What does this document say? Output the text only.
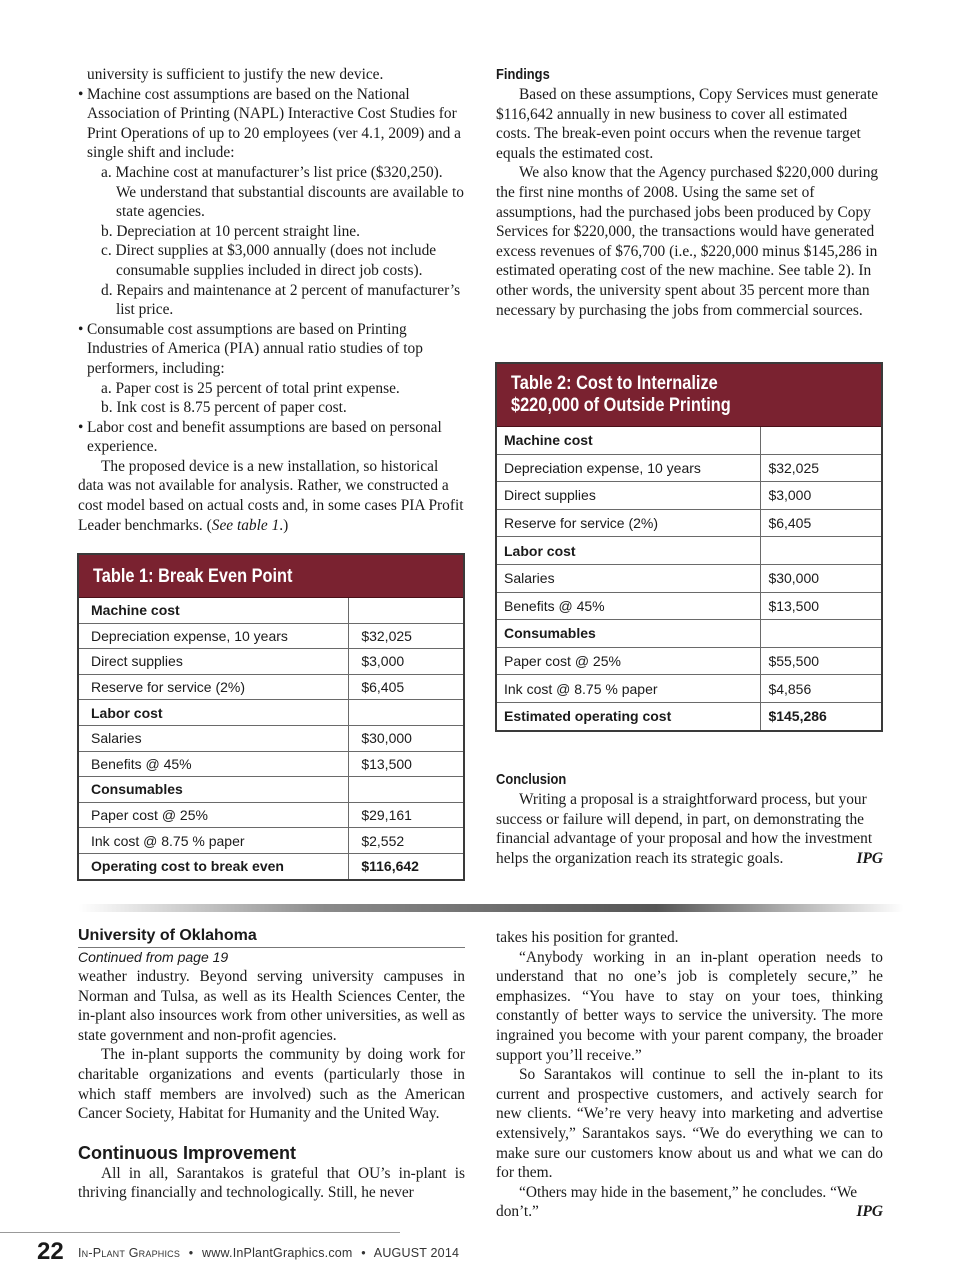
university is sufficient to justify the new device.

• Machine cost assumptions are based on the National Association of Printing (NAPL) Interactive Cost Studies for Print Operations of up to 20 employees (ver 4.1, 2009) and a single shift and include:

a. Machine cost at manufacturer’s list price ($320,250). We understand that substantial discounts are available to state agencies.

b. Depreciation at 10 percent straight line.

c. Direct supplies at $3,000 annually (does not include consumable supplies included in direct job costs).

d. Repairs and maintenance at 2 percent of manufacturer’s list price.

• Consumable cost assumptions are based on Printing Industries of America (PIA) annual ratio studies of top performers, including:

a. Paper cost is 25 percent of total print expense.

b. Ink cost is 8.75 percent of paper cost.

• Labor cost and benefit assumptions are based on personal experience.

The proposed device is a new installation, so historical data was not available for analysis. Rather, we constructed a cost model based on actual costs and, in some cases PIA Profit Leader benchmarks. (See table 1.)

Table 1: Break Even Point	
Machine cost	
Depreciation expense, 10 years	$32,025
Direct supplies	$3,000
Reserve for service (2%)	$6,405
Labor cost	
Salaries	$30,000
Benefits @ 45%	$13,500
Consumables	
Paper cost @ 25%	$29,161
Ink cost @ 8.75 % paper	$2,552
Operating cost to break even	$116,642
Findings

Based on these assumptions, Copy Services must generate $116,642 annually in new business to cover all estimated costs. The break-even point occurs when the revenue target equals the estimated cost.

We also know that the Agency purchased $220,000 during the first nine months of 2008. Using the same set of assumptions, had the purchased jobs been produced by Copy Services for $220,000, the transactions would have generated excess revenues of $76,700 (i.e., $220,000 minus $145,286 in estimated operating cost of the new machine. See table 2). In other words, the university spent about 35 percent more than necessary by purchasing the jobs from commercial sources.

Table 2: Cost to Internalize
$220,000 of Outside Printing	

Machine cost	
Depreciation expense, 10 years	$32,025
Direct supplies	$3,000
Reserve for service (2%)	$6,405
Labor cost	
Salaries	$30,000
Benefits @ 45%	$13,500
Consumables	
Paper cost @ 25%	$55,500
Ink cost @ 8.75 % paper	$4,856
Estimated operating cost	$145,286
Conclusion

Writing a proposal is a straightforward process, but your success or failure will depend, in part, on demonstrating the financial advantage of your proposal and how the investment helps the organization reach its strategic goals.	IPG

University of Oklahoma
Continued from page 19

weather industry. Beyond serving university campuses in Norman and Tulsa, as well as its Health Sciences Center, the in-plant also insources work from other universities, as well as state government and non-profit agencies.

The in-plant supports the community by doing work for charitable organizations and events (particularly those in which staff members are involved) such as the American Cancer Society, Habitat for Humanity and the United Way.

Continuous Improvement

All in all, Sarantakos is grateful that OU’s in-plant is thriving financially and technologically. Still, he never

takes his position for granted.

“Anybody working in an in-plant operation needs to understand that no one’s job is completely secure,” he emphasizes. “You have to stay on your toes, thinking constantly of better ways to service the university. The more ingrained you become with your parent company, the broader support you’ll receive.”

So Sarantakos will continue to sell the in-plant to its current and prospective customers, and actively search for new clients. “We’re very heavy into marketing and advertise extensively,” Sarantakos says. “We do everything we can to make sure our customers know about us and what we can do for them.

“Others may hide in the basement,” he concludes. “We don’t.”	IPG

22 In-Plant Graphics • www.InPlantGraphics.com • AUGUST 2014
